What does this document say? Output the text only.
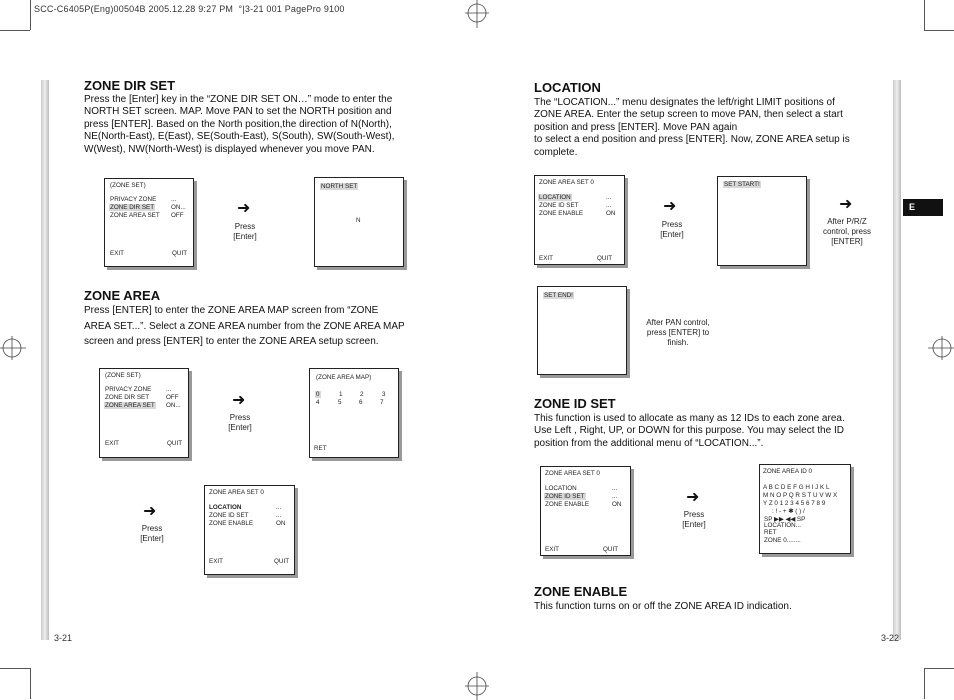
SCC-C6405P(Eng)00504B 2005.12.28 9:27 PM  °|3-21 001 PagePro 9100
E
ZONE DIR SET
Press the [Enter] key in the “ZONE DIR SET ON…” mode to enter the
NORTH SET screen. MAP. Move PAN to set the NORTH position and
press [ENTER]. Based on the North position,the direction of N(North),
NE(North-East), E(East), SE(South-East), S(South), SW(South-West),
W(West), NW(North-West) is displayed whenever you move PAN.
(ZONE SET)
PRIVACY ZONE ...
ZONE DIR SET	ON...
ZONE AREA SET OFF
EXIT	QUIT
➜
Press
[Enter]
NORTH SET
N
ZONE AREA
Press [ENTER] to enter the ZONE AREA MAP screen from “ZONE
AREA SET...”. Select a ZONE AREA number from the ZONE AREA MAP
screen and press [ENTER] to enter the ZONE AREA setup screen.
(ZONE SET)
PRIVACY ZONE ...
ZONE DIR SET	OFF
ZONE AREA SET ON...
EXIT	QUIT
➜
Press
[Enter]
(ZONE AREA MAP)
0	1	2	3
4	5	6	7
RET
➜
Press
[Enter]
ZONE AREA SET 0
LOCATION	...
ZONE ID SET	...
ZONE ENABLE	ON
EXIT	QUIT
3-21
LOCATION
The “LOCATION...” menu designates the left/right LIMIT positions of
ZONE AREA. Enter the setup screen to move PAN, then select a start
position and press [ENTER]. Move PAN again
to select a end position and press [ENTER]. Now, ZONE AREA setup is
complete.
ZONE AREA SET 0
LOCATION	...
ZONE ID SET	...
ZONE ENABLE	ON
EXIT	QUIT
➜
Press
[Enter]
SET START!
➜
After P/R/Z
control, press
[ENTER]
SET END!
After PAN control,
press [ENTER] to
finish.
ZONE ID SET
This function is used to allocate as many as 12 IDs to each zone area.
Use Left , Right, UP, or DOWN for this purpose. You may select the ID
position from the additional menu of “LOCATION...”.
ZONE AREA SET 0
LOCATION	...
ZONE ID SET	...
ZONE ENABLE	ON
EXIT	QUIT
➜
Press
[Enter]
ZONE AREA ID 0
A B C D E F G H I J K L
M N O P Q R S T U V W X
Y Z 0 1 2 3 4 5 6 7 8 9
: ! - + ✱ ( ) /
SP ▶▶ ◀◀ SP
LOCATION...
RET
ZONE 0........
ZONE ENABLE
This function turns on or off the ZONE AREA ID indication.
3-22
